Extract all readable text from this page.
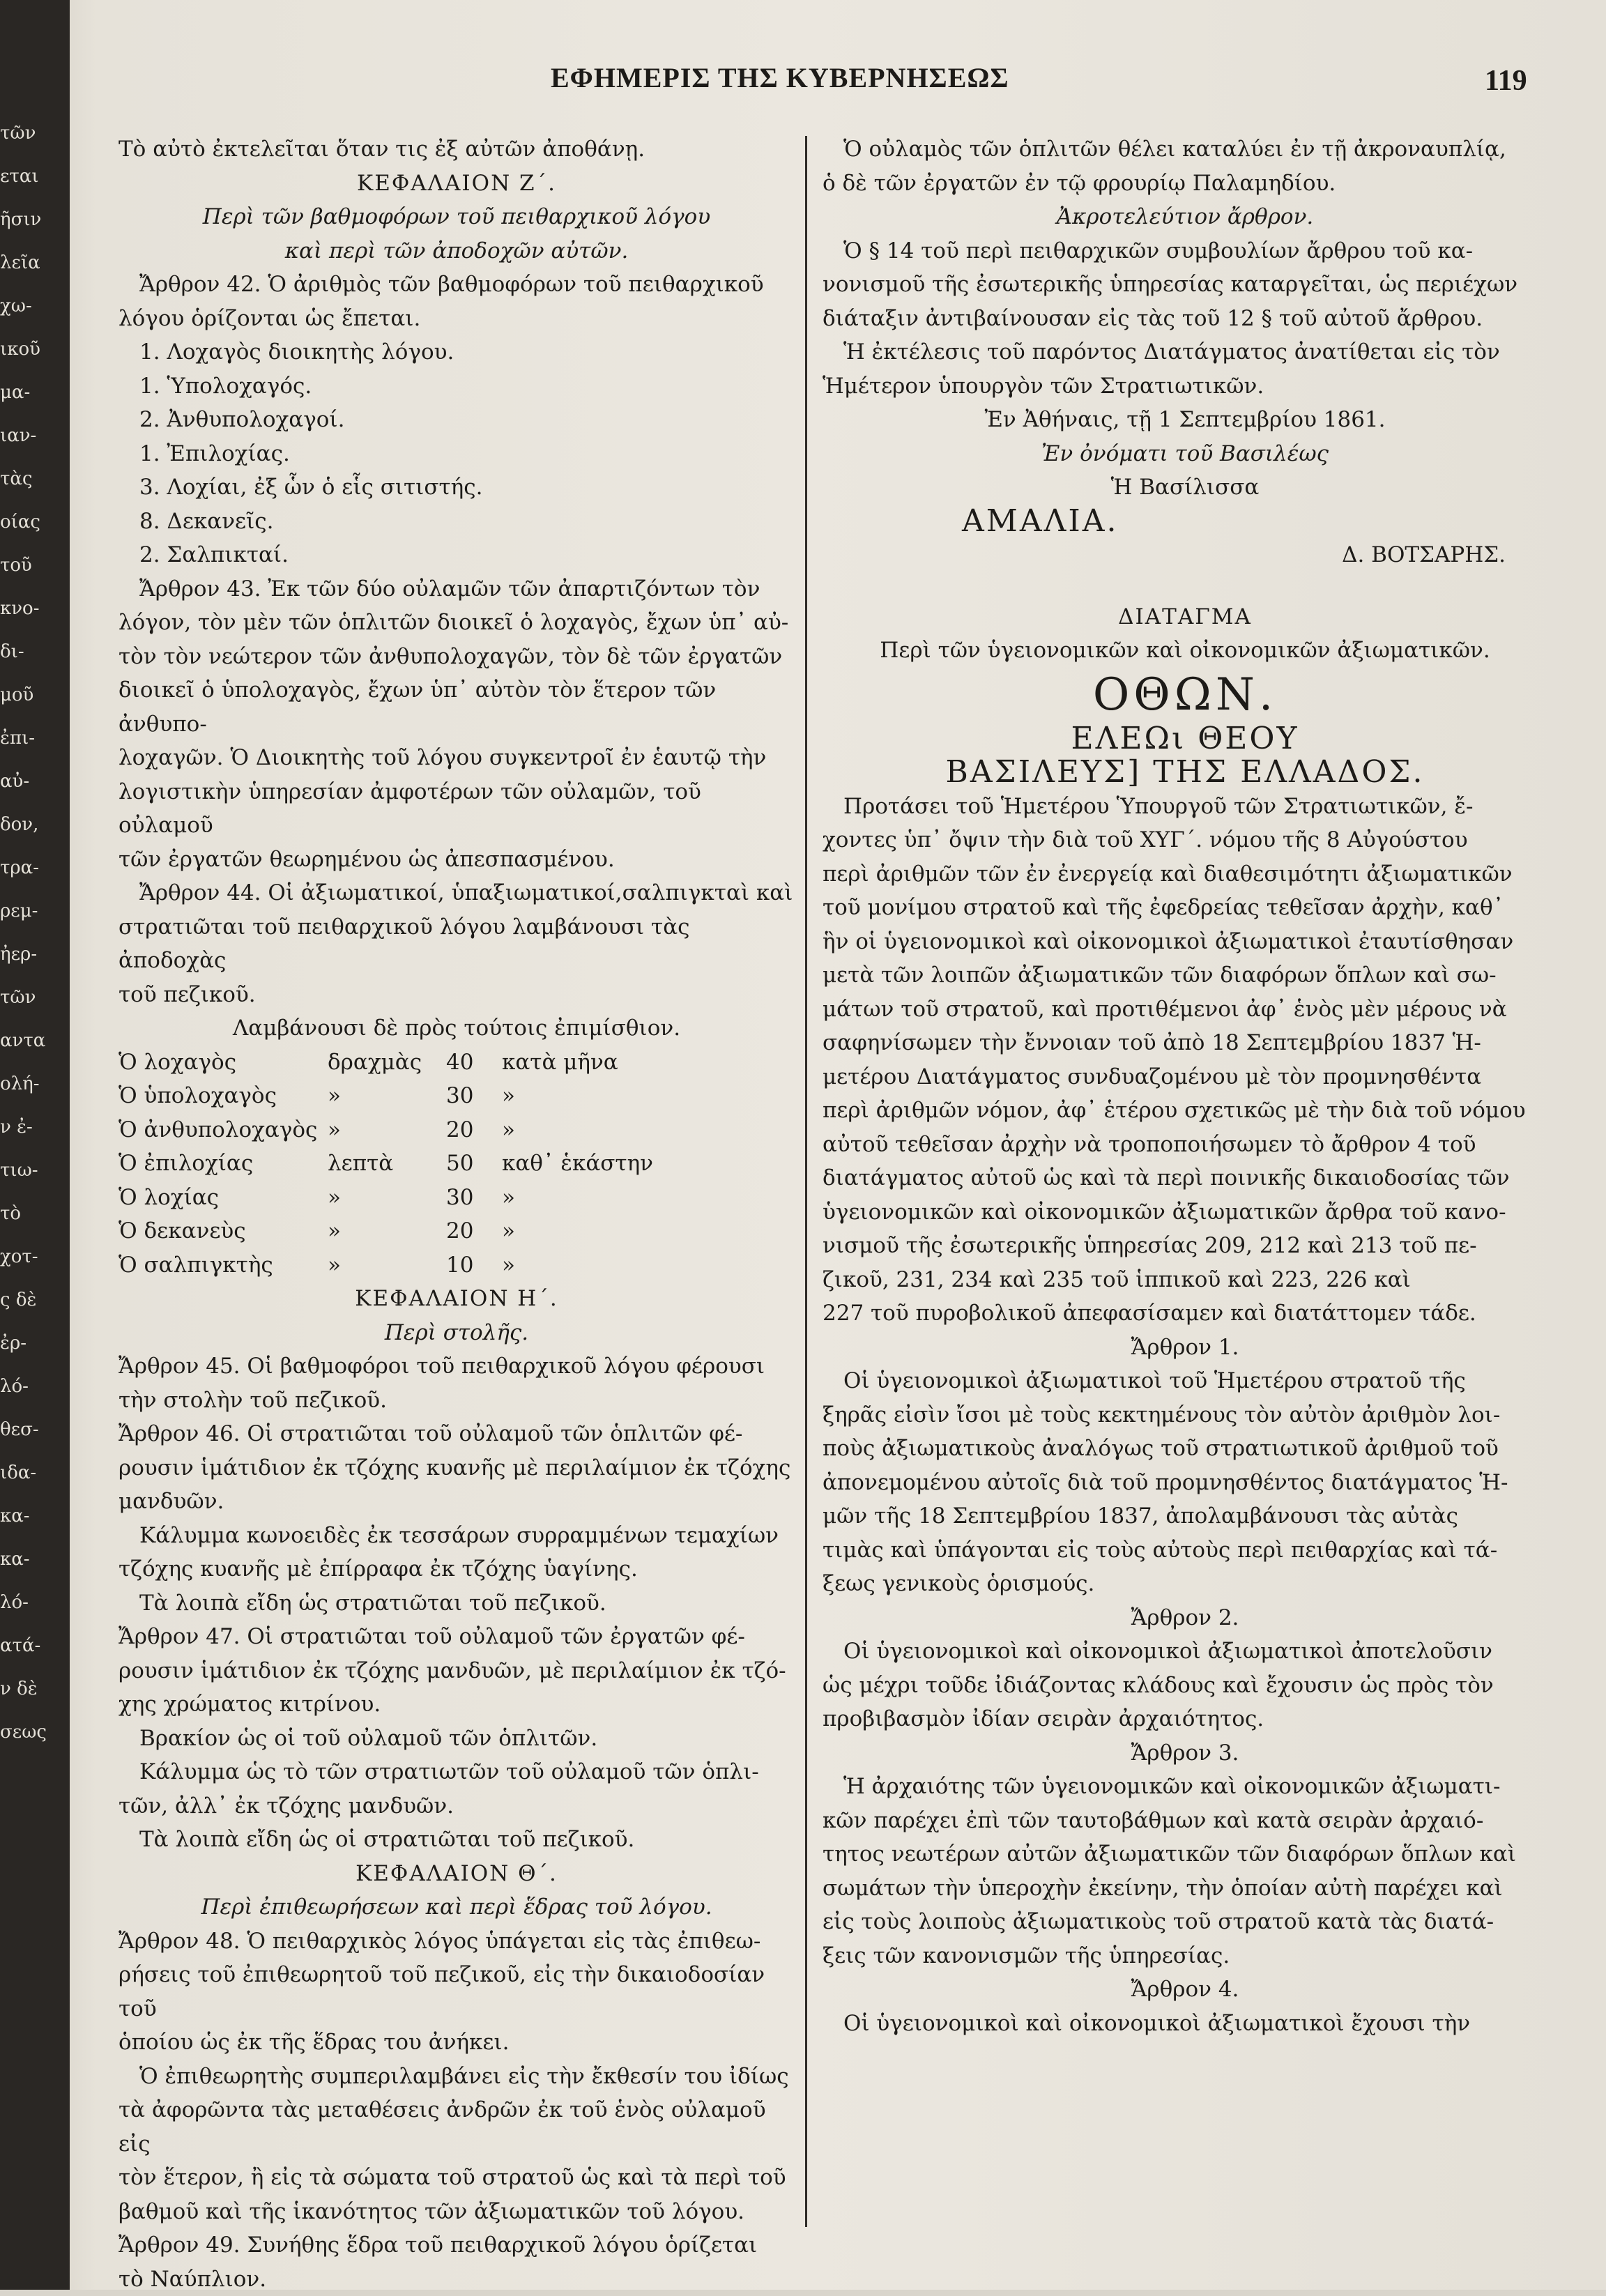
τῶν
εται
ῆσιν
λεῖα
χω-
ικοῦ
μα-
ιαν-
τὰς
οίας
τοῦ
κνο-
δι-
μοῦ
ἐπι-
αὐ-
δον,
τρα-
ρεμ-
ἠερ-
τῶν
αντα
ολή-
ν ἐ-
τιω-
τὸ
χοτ-
ς δὲ
ἐρ-
λό-
θεσ-
ιδα-
κα-
κα-
λό-
ατά-
ν δὲ
σεως
ΕΦΗΜΕΡΙΣ ΤΗΣ ΚΥΒΕΡΝΗΣΕΩΣ	119

Τὸ αὐτὸ ἐκτελεῖται ὅταν τις ἐξ αὐτῶν ἀποθάνῃ.

ΚΕΦΑΛΑΙΟΝ Ζ΄.

Περὶ τῶν βαθμοφόρων τοῦ πειθαρχικοῦ λόγου

καὶ περὶ τῶν ἀποδοχῶν αὐτῶν.

Ἄρθρον 42. Ὁ ἀριθμὸς τῶν βαθμοφόρων τοῦ πειθαρχικοῦ

λόγου ὁρίζονται ὡς ἔπεται.

1. Λοχαγὸς διοικητὴς λόγου.

1. Ὑπολοχαγός.

2. Ἀνθυπολοχαγοί.

1. Ἐπιλοχίας.

3. Λοχίαι, ἐξ ὧν ὁ εἷς σιτιστής.

8. Δεκανεῖς.

2. Σαλπικταί.

Ἄρθρον 43. Ἐκ τῶν δύο οὐλαμῶν τῶν ἀπαρτιζόντων τὸν

λόγον, τὸν μὲν τῶν ὁπλιτῶν διοικεῖ ὁ λοχαγὸς, ἔχων ὑπ᾿ αὐ-

τὸν τὸν νεώτερον τῶν ἀνθυπολοχαγῶν, τὸν δὲ τῶν ἐργατῶν

διοικεῖ ὁ ὑπολοχαγὸς, ἔχων ὑπ᾿ αὐτὸν τὸν ἕτερον τῶν ἀνθυπο-

λοχαγῶν. Ὁ Διοικητὴς τοῦ λόγου συγκεντροῖ ἐν ἑαυτῷ τὴν

λογιστικὴν ὑπηρεσίαν ἀμφοτέρων τῶν οὐλαμῶν, τοῦ οὐλαμοῦ

τῶν ἐργατῶν θεωρημένου ὡς ἀπεσπασμένου.

Ἄρθρον 44. Οἱ ἀξιωματικοί, ὑπαξιωματικοί,σαλπιγκταὶ καὶ

στρατιῶται τοῦ πειθαρχικοῦ λόγου λαμβάνουσι τὰς ἀποδοχὰς

τοῦ πεζικοῦ.

Λαμβάνουσι δὲ πρὸς τούτοις ἐπιμίσθιον.

Ὁ λοχαγὸς	δραχμὰς	40	κατὰ μῆνα
Ὁ ὑπολοχαγὸς	»	30	»
Ὁ ἀνθυπολοχαγὸς »	20	»
Ὁ ἐπιλοχίας	λεπτὰ	50	καθ᾿ ἑκάστην
Ὁ λοχίας	»	30	»
Ὁ δεκανεὺς	»	20	»
Ὁ σαλπιγκτὴς	»	10	»

ΚΕΦΑΛΑΙΟΝ Η΄.

Περὶ στολῆς.

Ἄρθρον 45. Οἱ βαθμοφόροι τοῦ πειθαρχικοῦ λόγου φέρουσι

τὴν στολὴν τοῦ πεζικοῦ.

Ἄρθρον 46. Οἱ στρατιῶται τοῦ οὐλαμοῦ τῶν ὁπλιτῶν φέ-

ρουσιν ἱμάτιδιον ἐκ τζόχης κυανῆς μὲ περιλαίμιον ἐκ τζόχης

μανδυῶν.

Κάλυμμα κωνοειδὲς ἐκ τεσσάρων συρραμμένων τεμαχίων

τζόχης κυανῆς μὲ ἐπίρραφα ἐκ τζόχης ὑαγίνης.

Τὰ λοιπὰ εἴδη ὡς στρατιῶται τοῦ πεζικοῦ.

Ἄρθρον 47. Οἱ στρατιῶται τοῦ οὐλαμοῦ τῶν ἐργατῶν φέ-

ρουσιν ἱμάτιδιον ἐκ τζόχης μανδυῶν, μὲ περιλαίμιον ἐκ τζό-

χης χρώματος κιτρίνου.

Βρακίον ὡς οἱ τοῦ οὐλαμοῦ τῶν ὁπλιτῶν.

Κάλυμμα ὡς τὸ τῶν στρατιωτῶν τοῦ οὐλαμοῦ τῶν ὁπλι-

τῶν, ἀλλ᾿ ἐκ τζόχης μανδυῶν.

Τὰ λοιπὰ εἴδη ὡς οἱ στρατιῶται τοῦ πεζικοῦ.

ΚΕΦΑΛΑΙΟΝ Θ΄.

Περὶ ἐπιθεωρήσεων καὶ περὶ ἕδρας τοῦ λόγου.

Ἄρθρον 48. Ὁ πειθαρχικὸς λόγος ὑπάγεται εἰς τὰς ἐπιθεω-

ρήσεις τοῦ ἐπιθεωρητοῦ τοῦ πεζικοῦ, εἰς τὴν δικαιοδοσίαν τοῦ

ὁποίου ὡς ἐκ τῆς ἕδρας του ἀνήκει.

Ὁ ἐπιθεωρητὴς συμπεριλαμβάνει εἰς τὴν ἔκθεσίν του ἰδίως

τὰ ἀφορῶντα τὰς μεταθέσεις ἀνδρῶν ἐκ τοῦ ἑνὸς οὐλαμοῦ εἰς

τὸν ἕτερον, ἢ εἰς τὰ σώματα τοῦ στρατοῦ ὡς καὶ τὰ περὶ τοῦ

βαθμοῦ καὶ τῆς ἱκανότητος τῶν ἀξιωματικῶν τοῦ λόγου.

Ἄρθρον 49. Συνήθης ἕδρα τοῦ πειθαρχικοῦ λόγου ὁρίζεται

τὸ Ναύπλιον.

Ὁ οὐλαμὸς τῶν ὁπλιτῶν θέλει καταλύει ἐν τῇ ἀκροναυπλίᾳ,

ὁ δὲ τῶν ἐργατῶν ἐν τῷ φρουρίῳ Παλαμηδίου.

Ἀκροτελεύτιον ἄρθρον.

Ὁ § 14 τοῦ περὶ πειθαρχικῶν συμβουλίων ἄρθρου τοῦ κα-

νονισμοῦ τῆς ἐσωτερικῆς ὑπηρεσίας καταργεῖται, ὡς περιέχων

διάταξιν ἀντιβαίνουσαν εἰς τὰς τοῦ 12 § τοῦ αὐτοῦ ἄρθρου.

Ἡ ἐκτέλεσις τοῦ παρόντος Διατάγματος ἀνατίθεται εἰς τὸν

Ἡμέτερον ὑπουργὸν τῶν Στρατιωτικῶν.

Ἐν Ἀθήναις, τῇ 1 Σεπτεμβρίου 1861.

Ἐν ὀνόματι τοῦ Βασιλέως

Ἡ Βασίλισσα

ΑΜΑΛΙΑ.
Δ. ΒΟΤΣΑΡΗΣ.

ΔΙΑΤΑΓΜΑ

Περὶ τῶν ὑγειονομικῶν καὶ οἰκονομικῶν ἀξιωματικῶν.

ΟΘΩΝ.

ΕΛΕΩι ΘΕΟΥ

ΒΑΣΙΛΕΥΣ] ΤΗΣ ΕΛΛΑΔΟΣ.

Προτάσει τοῦ Ἡμετέρου Ὑπουργοῦ τῶν Στρατιωτικῶν, ἔ-

χοντες ὑπ᾿ ὄψιν τὴν διὰ τοῦ ΧΥΓ΄. νόμου τῆς 8 Αὐγούστου

περὶ ἀριθμῶν τῶν ἐν ἐνεργείᾳ καὶ διαθεσιμότητι ἀξιωματικῶν

τοῦ μονίμου στρατοῦ καὶ τῆς ἐφεδρείας τεθεῖσαν ἀρχὴν, καθ᾿

ἣν οἱ ὑγειονομικοὶ καὶ οἰκονομικοὶ ἀξιωματικοὶ ἐταυτίσθησαν

μετὰ τῶν λοιπῶν ἀξιωματικῶν τῶν διαφόρων ὅπλων καὶ σω-

μάτων τοῦ στρατοῦ, καὶ προτιθέμενοι ἀφ᾿ ἑνὸς μὲν μέρους νὰ

σαφηνίσωμεν τὴν ἔννοιαν τοῦ ἀπὸ 18 Σεπτεμβρίου 1837 Ἡ-

μετέρου Διατάγματος συνδυαζομένου μὲ τὸν προμνησθέντα

περὶ ἀριθμῶν νόμον, ἀφ᾿ ἑτέρου σχετικῶς μὲ τὴν διὰ τοῦ νόμου

αὐτοῦ τεθεῖσαν ἀρχὴν νὰ τροποποιήσωμεν τὸ ἄρθρον 4 τοῦ

διατάγματος αὐτοῦ ὡς καὶ τὰ περὶ ποινικῆς δικαιοδοσίας τῶν

ὑγειονομικῶν καὶ οἰκονομικῶν ἀξιωματικῶν ἄρθρα τοῦ κανο-

νισμοῦ τῆς ἐσωτερικῆς ὑπηρεσίας 209, 212 καὶ 213 τοῦ πε-

ζικοῦ, 231, 234 καὶ 235 τοῦ ἱππικοῦ καὶ 223, 226 καὶ

227 τοῦ πυροβολικοῦ ἀπεφασίσαμεν καὶ διατάττομεν τάδε.

Ἄρθρον 1.

Οἱ ὑγειονομικοὶ ἀξιωματικοὶ τοῦ Ἡμετέρου στρατοῦ τῆς

ξηρᾶς εἰσὶν ἴσοι μὲ τοὺς κεκτημένους τὸν αὐτὸν ἀριθμὸν λοι-

ποὺς ἀξιωματικοὺς ἀναλόγως τοῦ στρατιωτικοῦ ἀριθμοῦ τοῦ

ἀπονεμομένου αὐτοῖς διὰ τοῦ προμνησθέντος διατάγματος Ἡ-

μῶν τῆς 18 Σεπτεμβρίου 1837, ἀπολαμβάνουσι τὰς αὐτὰς

τιμὰς καὶ ὑπάγονται εἰς τοὺς αὐτοὺς περὶ πειθαρχίας καὶ τά-

ξεως γενικοὺς ὁρισμούς.

Ἄρθρον 2.

Οἱ ὑγειονομικοὶ καὶ οἰκονομικοὶ ἀξιωματικοὶ ἀποτελοῦσιν

ὡς μέχρι τοῦδε ἰδιάζοντας κλάδους καὶ ἔχουσιν ὡς πρὸς τὸν

προβιβασμὸν ἰδίαν σειρὰν ἀρχαιότητος.

Ἄρθρον 3.

Ἡ ἀρχαιότης τῶν ὑγειονομικῶν καὶ οἰκονομικῶν ἀξιωματι-

κῶν παρέχει ἐπὶ τῶν ταυτοβάθμων καὶ κατὰ σειρὰν ἀρχαιό-

τητος νεωτέρων αὐτῶν ἀξιωματικῶν τῶν διαφόρων ὅπλων καὶ

σωμάτων τὴν ὑπεροχὴν ἐκείνην, τὴν ὁποίαν αὐτὴ παρέχει καὶ

εἰς τοὺς λοιποὺς ἀξιωματικοὺς τοῦ στρατοῦ κατὰ τὰς διατά-

ξεις τῶν κανονισμῶν τῆς ὑπηρεσίας.

Ἄρθρον 4.

Οἱ ὑγειονομικοὶ καὶ οἰκονομικοὶ ἀξιωματικοὶ ἔχουσι τὴν
